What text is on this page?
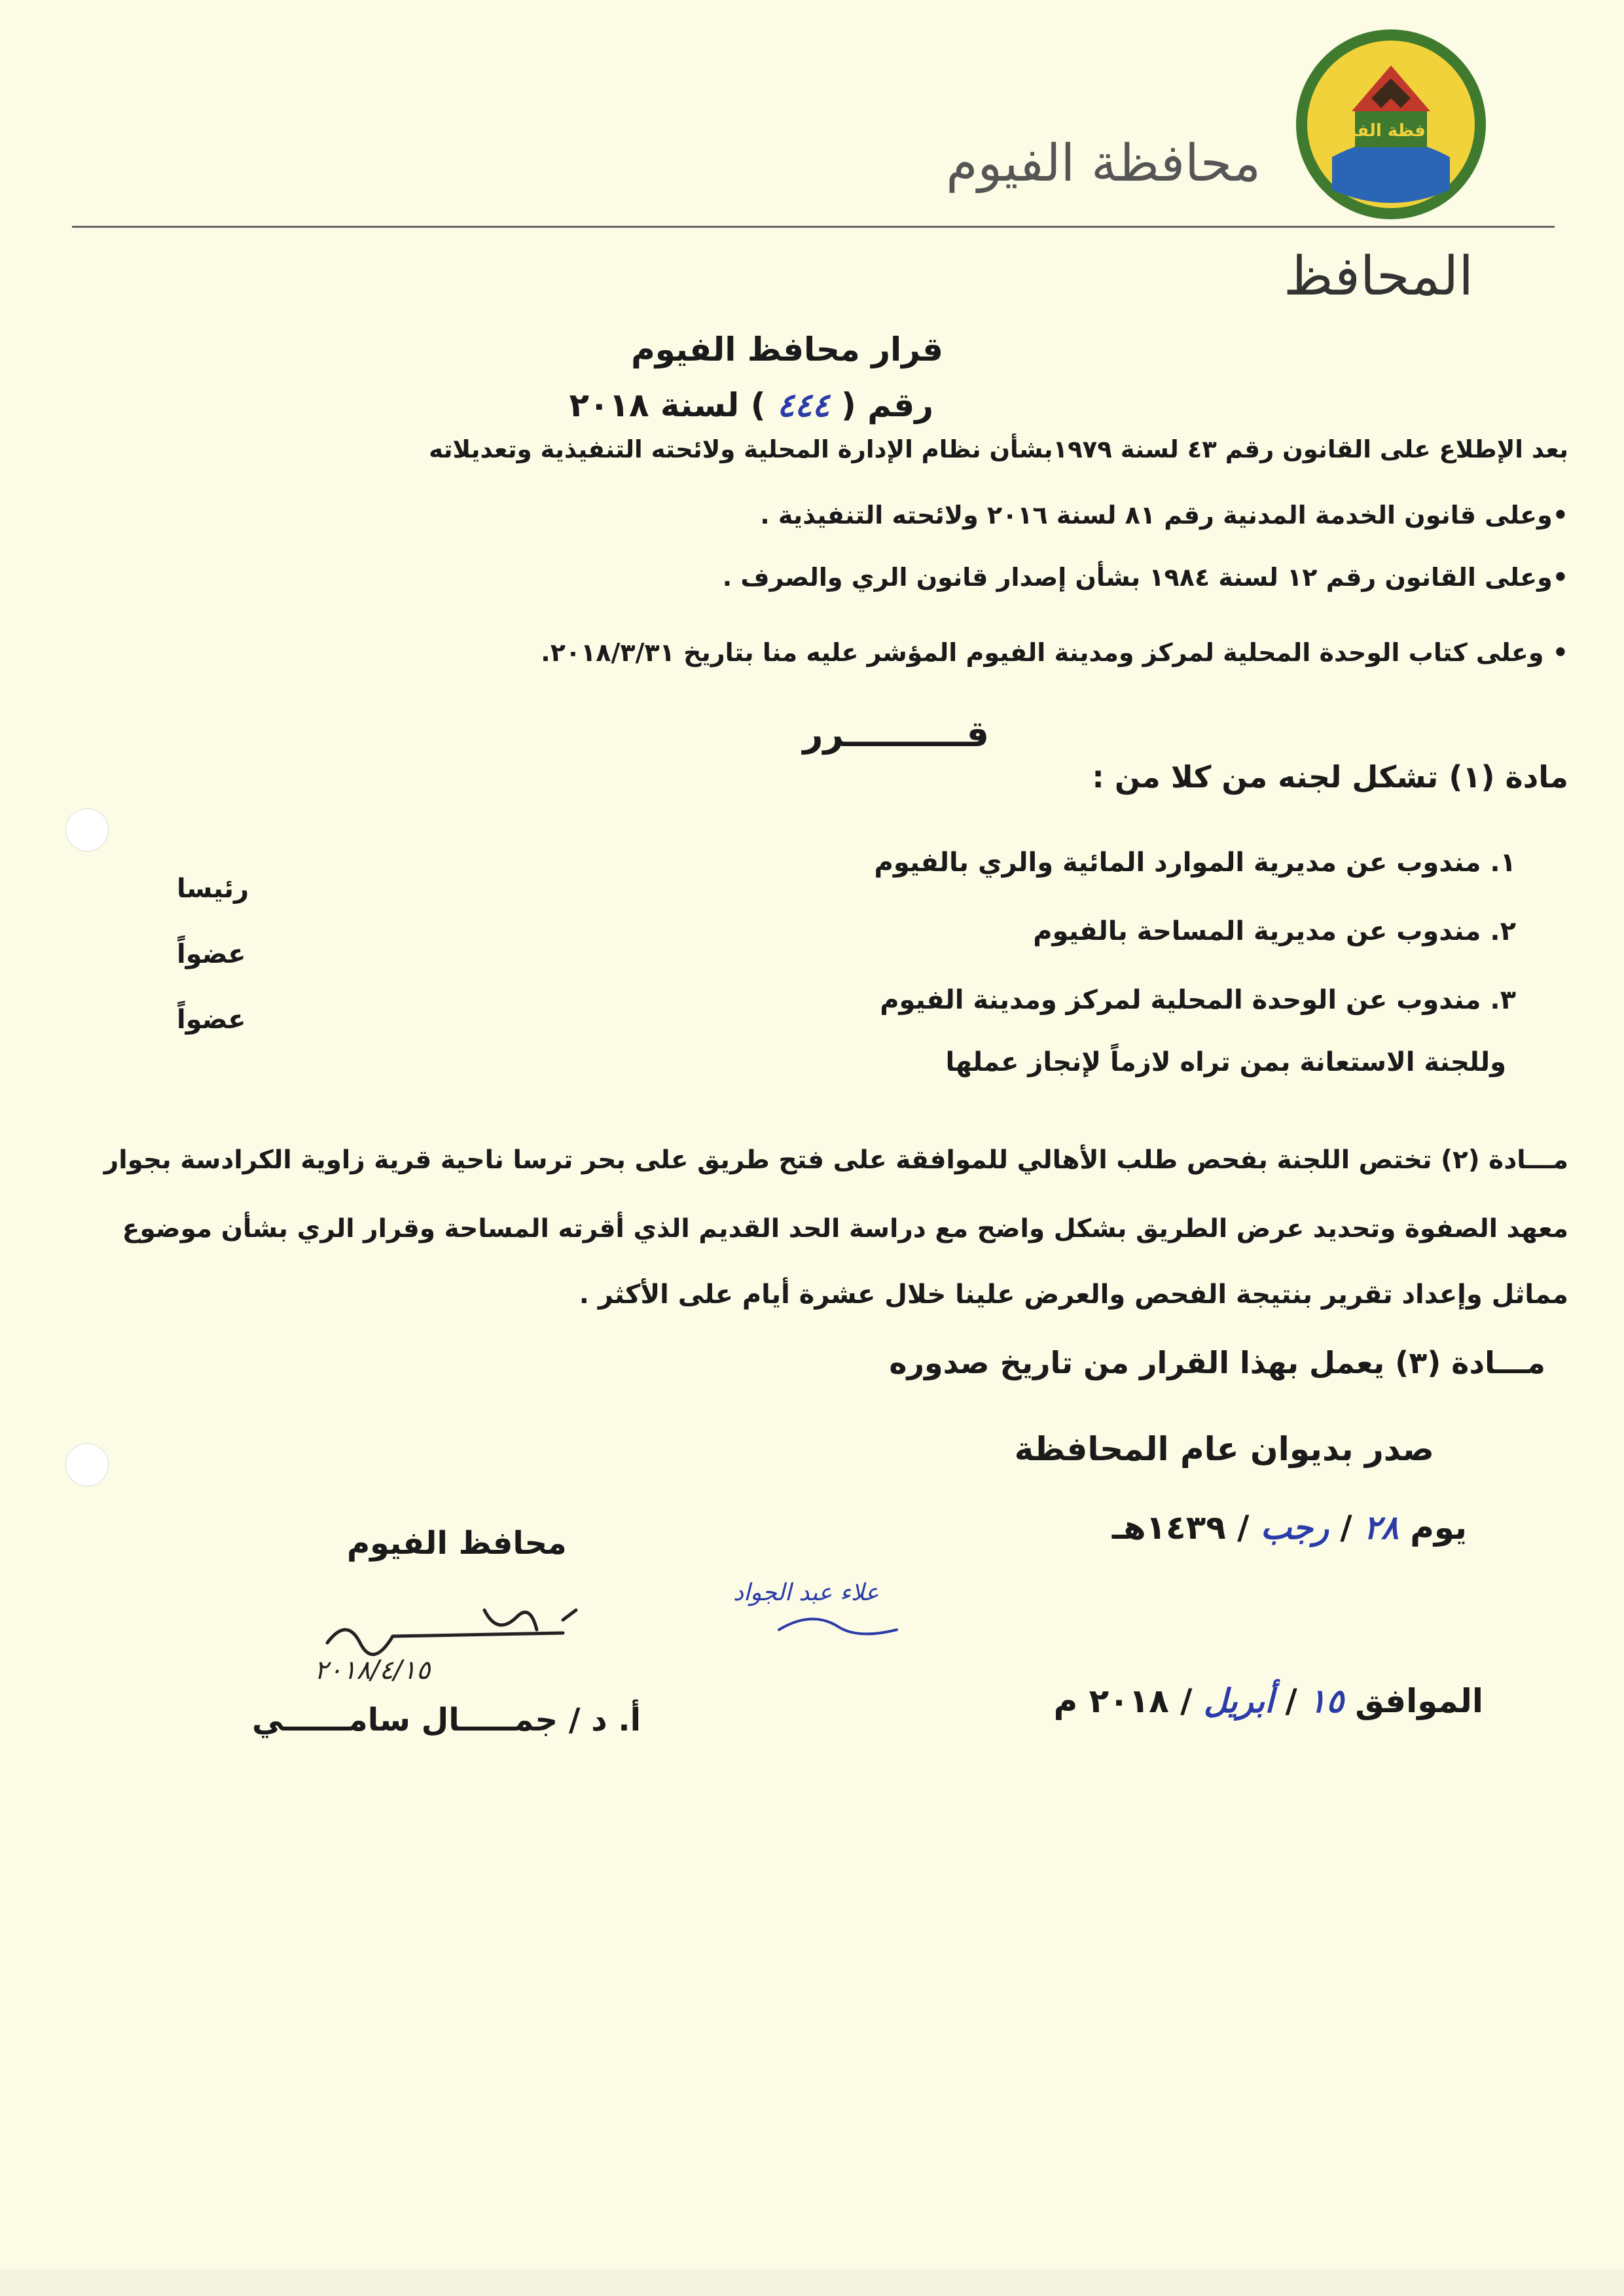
محافظة الفيوم
محافظة الفيوم
المحافظ
قرار محافظ الفيوم
رقم ( ٤٤٤ ) لسنة ٢٠١٨
بعد الإطلاع على القانون رقم ٤٣ لسنة ١٩٧٩بشأن نظام الإدارة المحلية ولائحته التنفيذية وتعديلاته
•وعلى قانون الخدمة المدنية رقم ٨١ لسنة ٢٠١٦ ولائحته التنفيذية .
•وعلى القانون رقم ١٢ لسنة ١٩٨٤ بشأن إصدار قانون الري والصرف .
• وعلى كتاب الوحدة المحلية لمركز ومدينة الفيوم المؤشر عليه منا بتاريخ ٢٠١٨/٣/٣١.
قــــــــــرر
مادة (١) تشكل لجنه من كلا من :
١. مندوب عن مديرية الموارد المائية والري بالفيوم
رئيسا
٢. مندوب عن مديرية المساحة بالفيوم
عضواً
٣. مندوب عن الوحدة المحلية لمركز ومدينة الفيوم
عضواً
وللجنة الاستعانة بمن تراه لازماً لإنجاز عملها
مـــادة (٢) تختص اللجنة بفحص طلب الأهالي للموافقة على فتح طريق على بحر ترسا ناحية قرية زاوية الكرادسة بجوار
معهد الصفوة وتحديد عرض الطريق بشكل واضح مع دراسة الحد القديم الذي أقرته المساحة وقرار الري بشأن موضوع
مماثل وإعداد تقرير بنتيجة الفحص والعرض علينا خلال عشرة أيام على الأكثر .
مـــادة (٣) يعمل بهذا القرار من تاريخ صدوره
صدر بديوان عام المحافظة
يوم ٢٨ / رجب / ١٤٣٩هـ
الموافق ١٥ / أبريل / ٢٠١٨ م
محافظ الفيوم
٢٠١٨/٤/١٥
علاء عبد الجواد
أ. د / جمـــــال سامــــــي
